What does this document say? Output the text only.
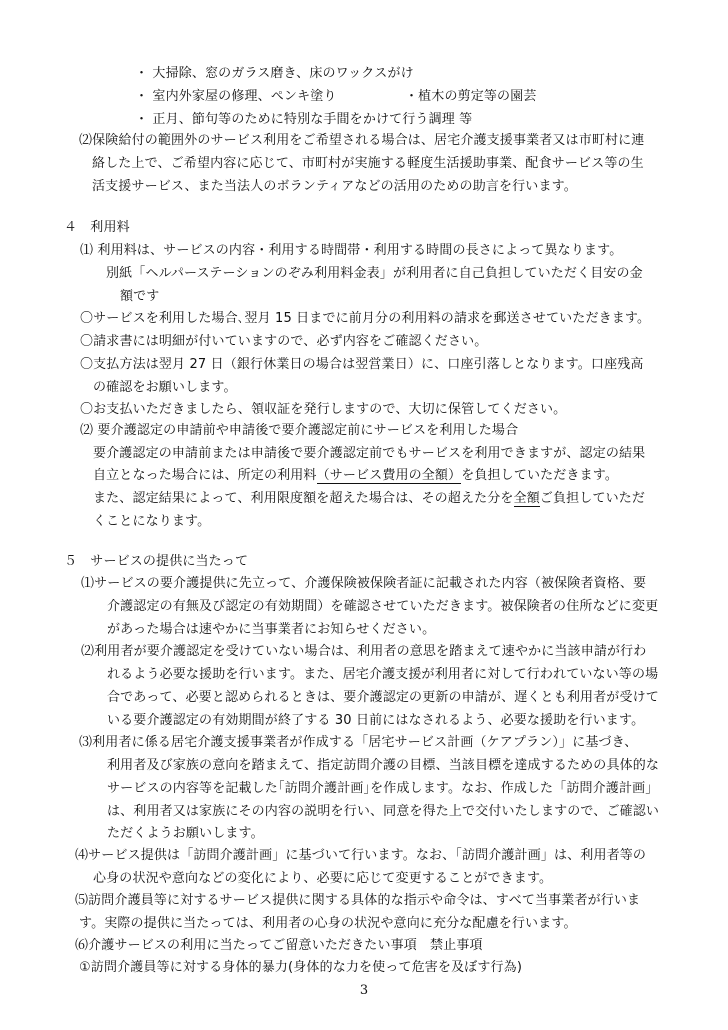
・ 大掃除、窓のガラス磨き、床のワックスがけ
・ 室内外家屋の修理、ペンキ塗り	・植木の剪定等の園芸
・ 正月、節句等のために特別な手間をかけて行う調理 等
⑵保険給付の範囲外のサービス利用をご希望される場合は、居宅介護支援事業者又は市町村に連
絡した上で、ご希望内容に応じて、市町村が実施する軽度生活援助事業、配食サービス等の生
活支援サービス、また当法人のボランティアなどの活用のための助言を行います。
４　利用料
⑴ 利用料は、サービスの内容・利用する時間帯・利用する時間の長さによって異なります。
別紙「ヘルパーステーションのぞみ利用料金表」が利用者に自己負担していただく目安の金
額です
〇サービスを利用した場合､翌月 15 日までに前月分の利用料の請求を郵送させていただきます。
〇請求書には明細が付いていますので、必ず内容をご確認ください。
〇支払方法は翌月 27 日（銀行休業日の場合は翌営業日）に、口座引落しとなります。口座残高
の確認をお願いします。
〇お支払いただきましたら、領収証を発行しますので、大切に保管してください。
⑵ 要介護認定の申請前や申請後で要介護認定前にサービスを利用した場合
要介護認定の申請前または申請後で要介護認定前でもサービスを利用できますが、認定の結果
自立となった場合には、所定の利用料（サービス費用の全額）を負担していただきます。
また、認定結果によって、利用限度額を超えた場合は、その超えた分を全額ご負担していただ
くことになります。
５　サービスの提供に当たって
⑴サービスの要介護提供に先立って、介護保険被保険者証に記載された内容（被保険者資格、要
介護認定の有無及び認定の有効期間）を確認させていただきます。被保険者の住所などに変更
があった場合は速やかに当事業者にお知らせください。
⑵利用者が要介護認定を受けていない場合は、利用者の意思を踏まえて速やかに当該申請が行わ
れるよう必要な援助を行います。また、居宅介護支援が利用者に対して行われていない等の場
合であって、必要と認められるときは、要介護認定の更新の申請が、遅くとも利用者が受けて
いる要介護認定の有効期間が終了する 30 日前にはなされるよう、必要な援助を行います。
⑶利用者に係る居宅介護支援事業者が作成する「居宅サービス計画（ケアプラン）」に基づき、
利用者及び家族の意向を踏まえて、指定訪問介護の目標、当該目標を達成するための具体的な
サービスの内容等を記載した｢訪問介護計画｣を作成します。なお、作成した「訪問介護計画」
は、利用者又は家族にその内容の説明を行い、同意を得た上で交付いたしますので、ご確認い
ただくようお願いします。
⑷サービス提供は「訪問介護計画」に基づいて行います。なお、「訪問介護計画」は、利用者等の
心身の状況や意向などの変化により、必要に応じて変更することができます。
⑸訪問介護員等に対するサービス提供に関する具体的な指示や命令は、すべて当事業者が行いま
す。実際の提供に当たっては、利用者の心身の状況や意向に充分な配慮を行います。
⑹介護サービスの利用に当たってご留意いただきたい事項　禁止事項
①訪問介護員等に対する身体的暴力(身体的な力を使って危害を及ぼす行為)
3
